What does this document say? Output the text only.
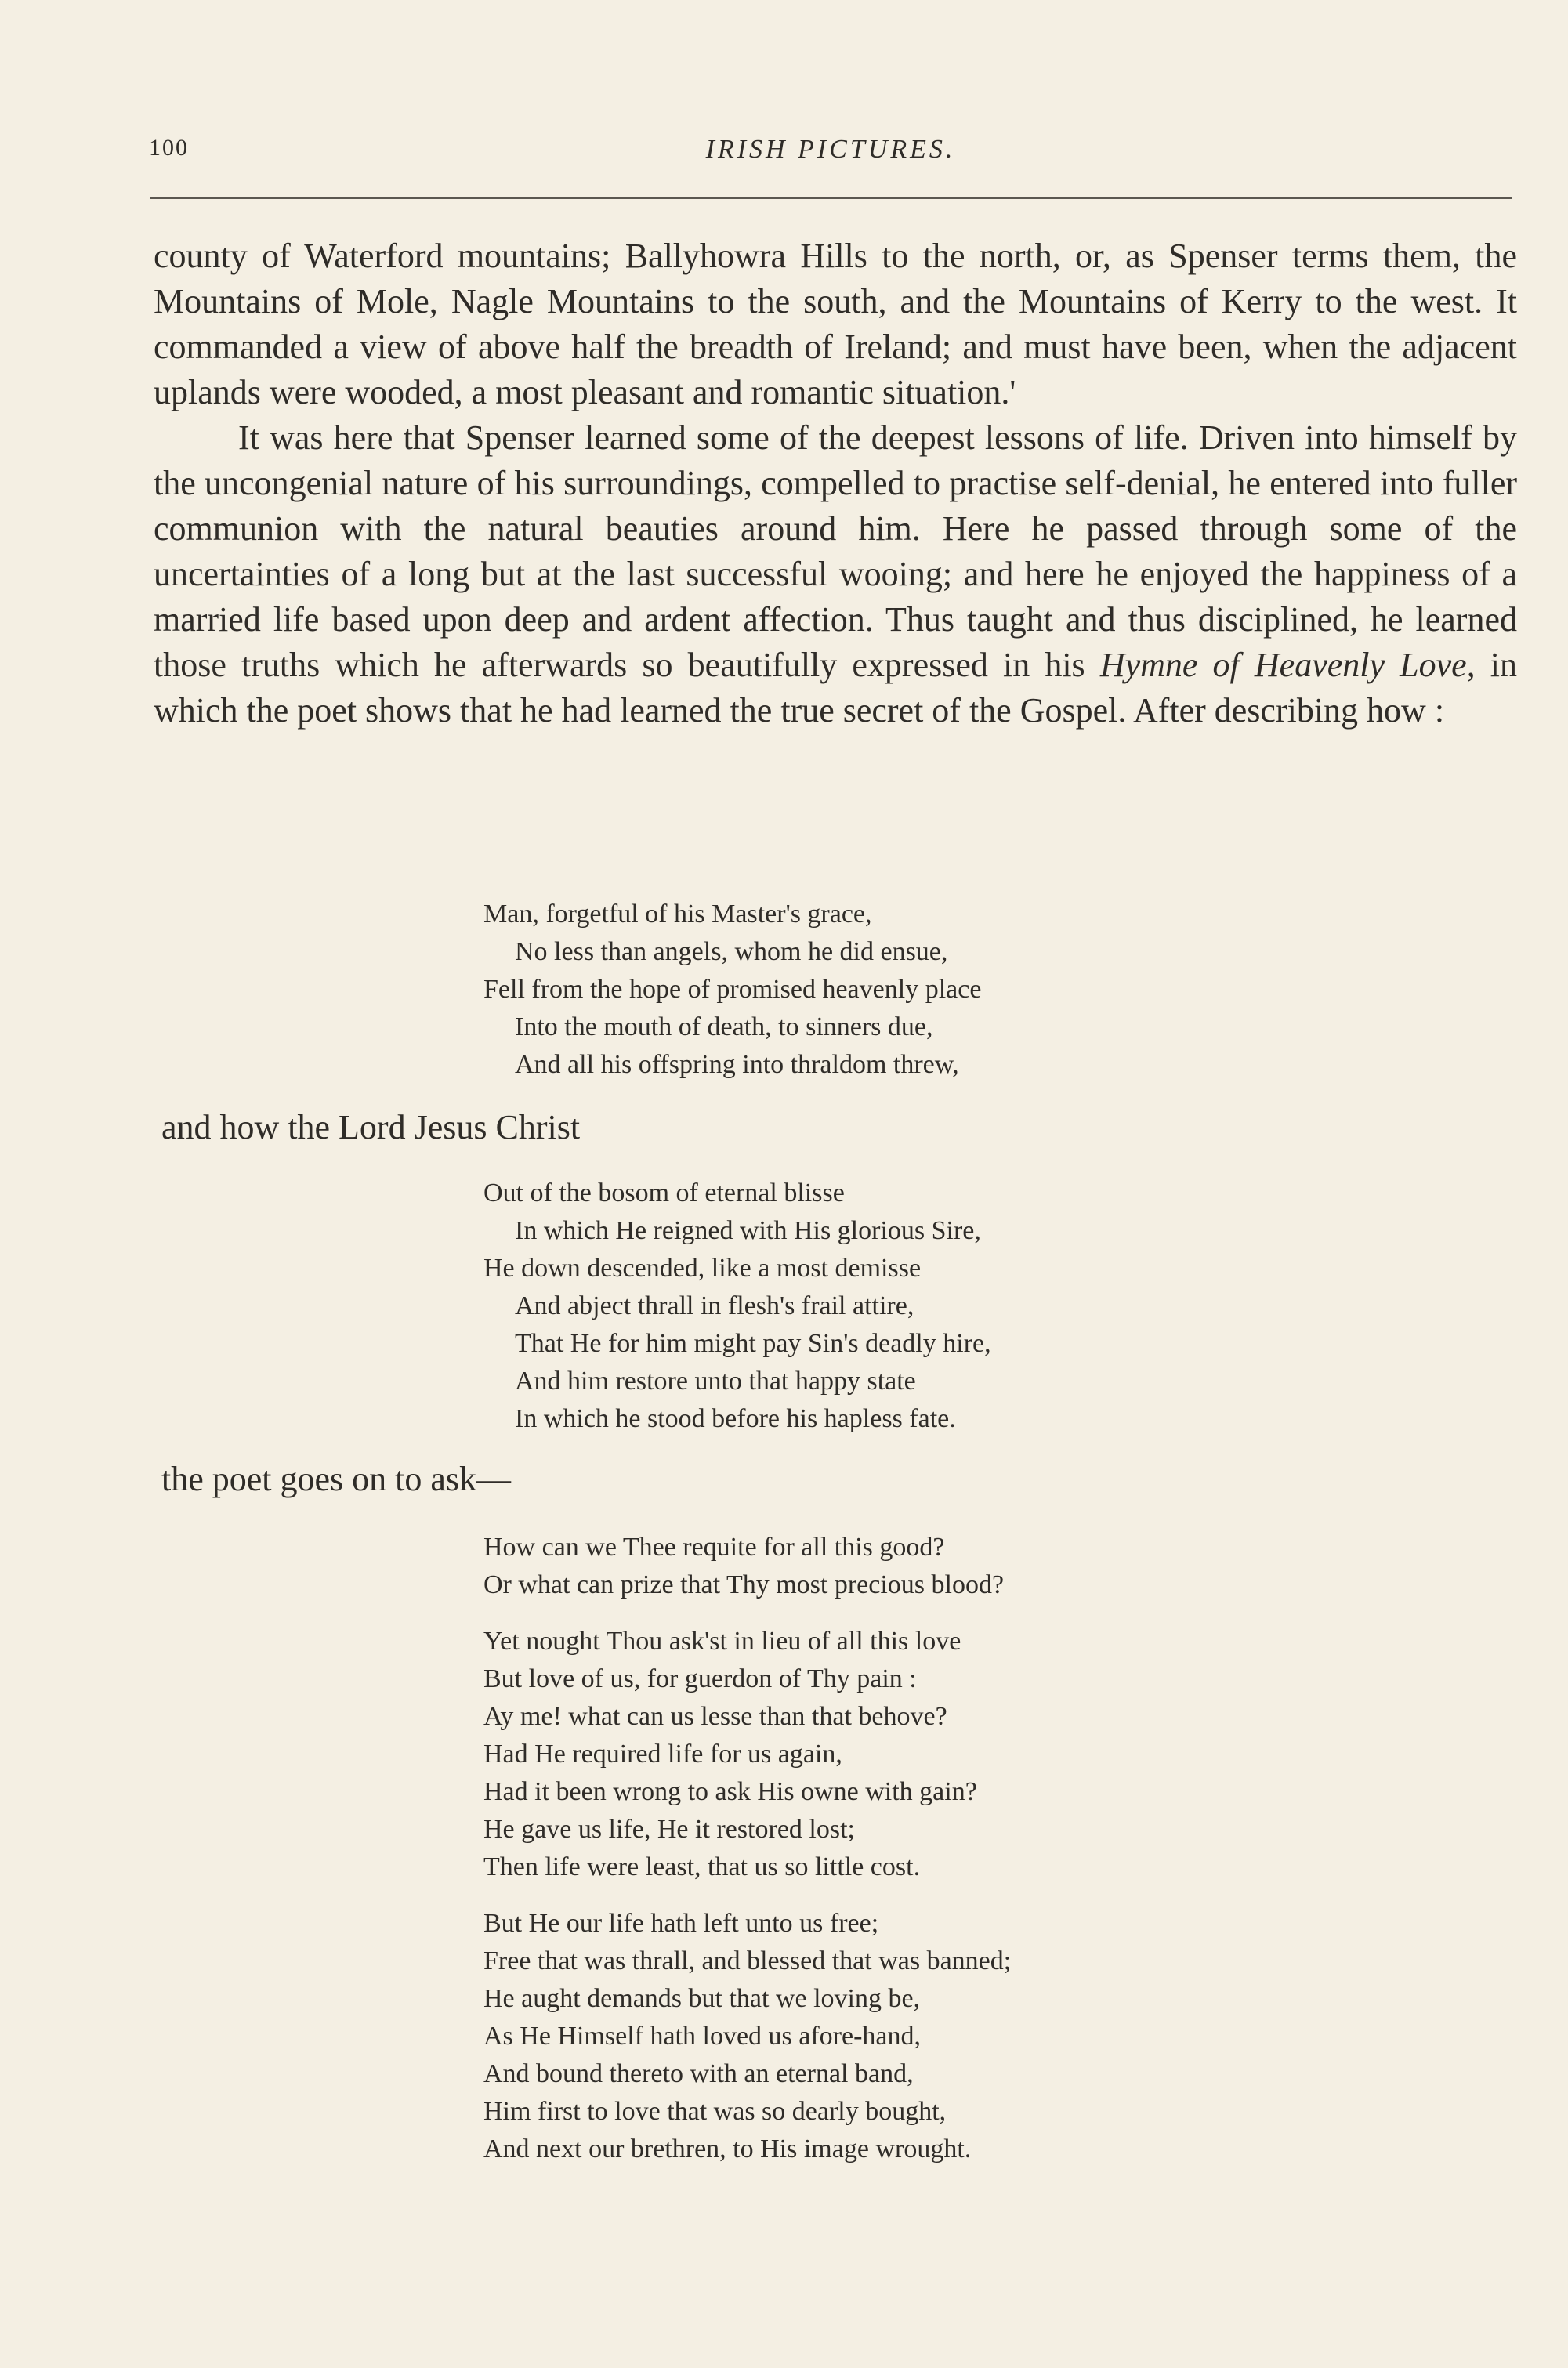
100	IRISH PICTURES.

county of Waterford mountains; Ballyhowra Hills to the north, or, as Spenser terms them, the Mountains of Mole, Nagle Mountains to the south, and the Mountains of Kerry to the west. It commanded a view of above half the breadth of Ireland; and must have been, when the adjacent uplands were wooded, a most pleasant and romantic situation.'

It was here that Spenser learned some of the deepest lessons of life. Driven into himself by the uncongenial nature of his surroundings, compelled to practise self-denial, he entered into fuller communion with the natural beauties around him. Here he passed through some of the uncertainties of a long but at the last successful wooing; and here he enjoyed the happiness of a married life based upon deep and ardent affection. Thus taught and thus disciplined, he learned those truths which he afterwards so beautifully expressed in his Hymne of Heavenly Love, in which the poet shows that he had learned the true secret of the Gospel. After describing how :

Man, forgetful of his Master's grace,
No less than angels, whom he did ensue,
Fell from the hope of promised heavenly place
Into the mouth of death, to sinners due,
And all his offspring into thraldom threw,
and how the Lord Jesus Christ
Out of the bosom of eternal blisse
In which He reigned with His glorious Sire,
He down descended, like a most demisse
And abject thrall in flesh's frail attire,
That He for him might pay Sin's deadly hire,
And him restore unto that happy state
In which he stood before his hapless fate.
the poet goes on to ask—
How can we Thee requite for all this good?
Or what can prize that Thy most precious blood?
Yet nought Thou ask'st in lieu of all this love
But love of us, for guerdon of Thy pain :
Ay me! what can us lesse than that behove?
Had He required life for us again,
Had it been wrong to ask His owne with gain?
He gave us life, He it restored lost;
Then life were least, that us so little cost.
But He our life hath left unto us free;
Free that was thrall, and blessed that was banned;
He aught demands but that we loving be,
As He Himself hath loved us afore-hand,
And bound thereto with an eternal band,
Him first to love that was so dearly bought,
And next our brethren, to His image wrought.
